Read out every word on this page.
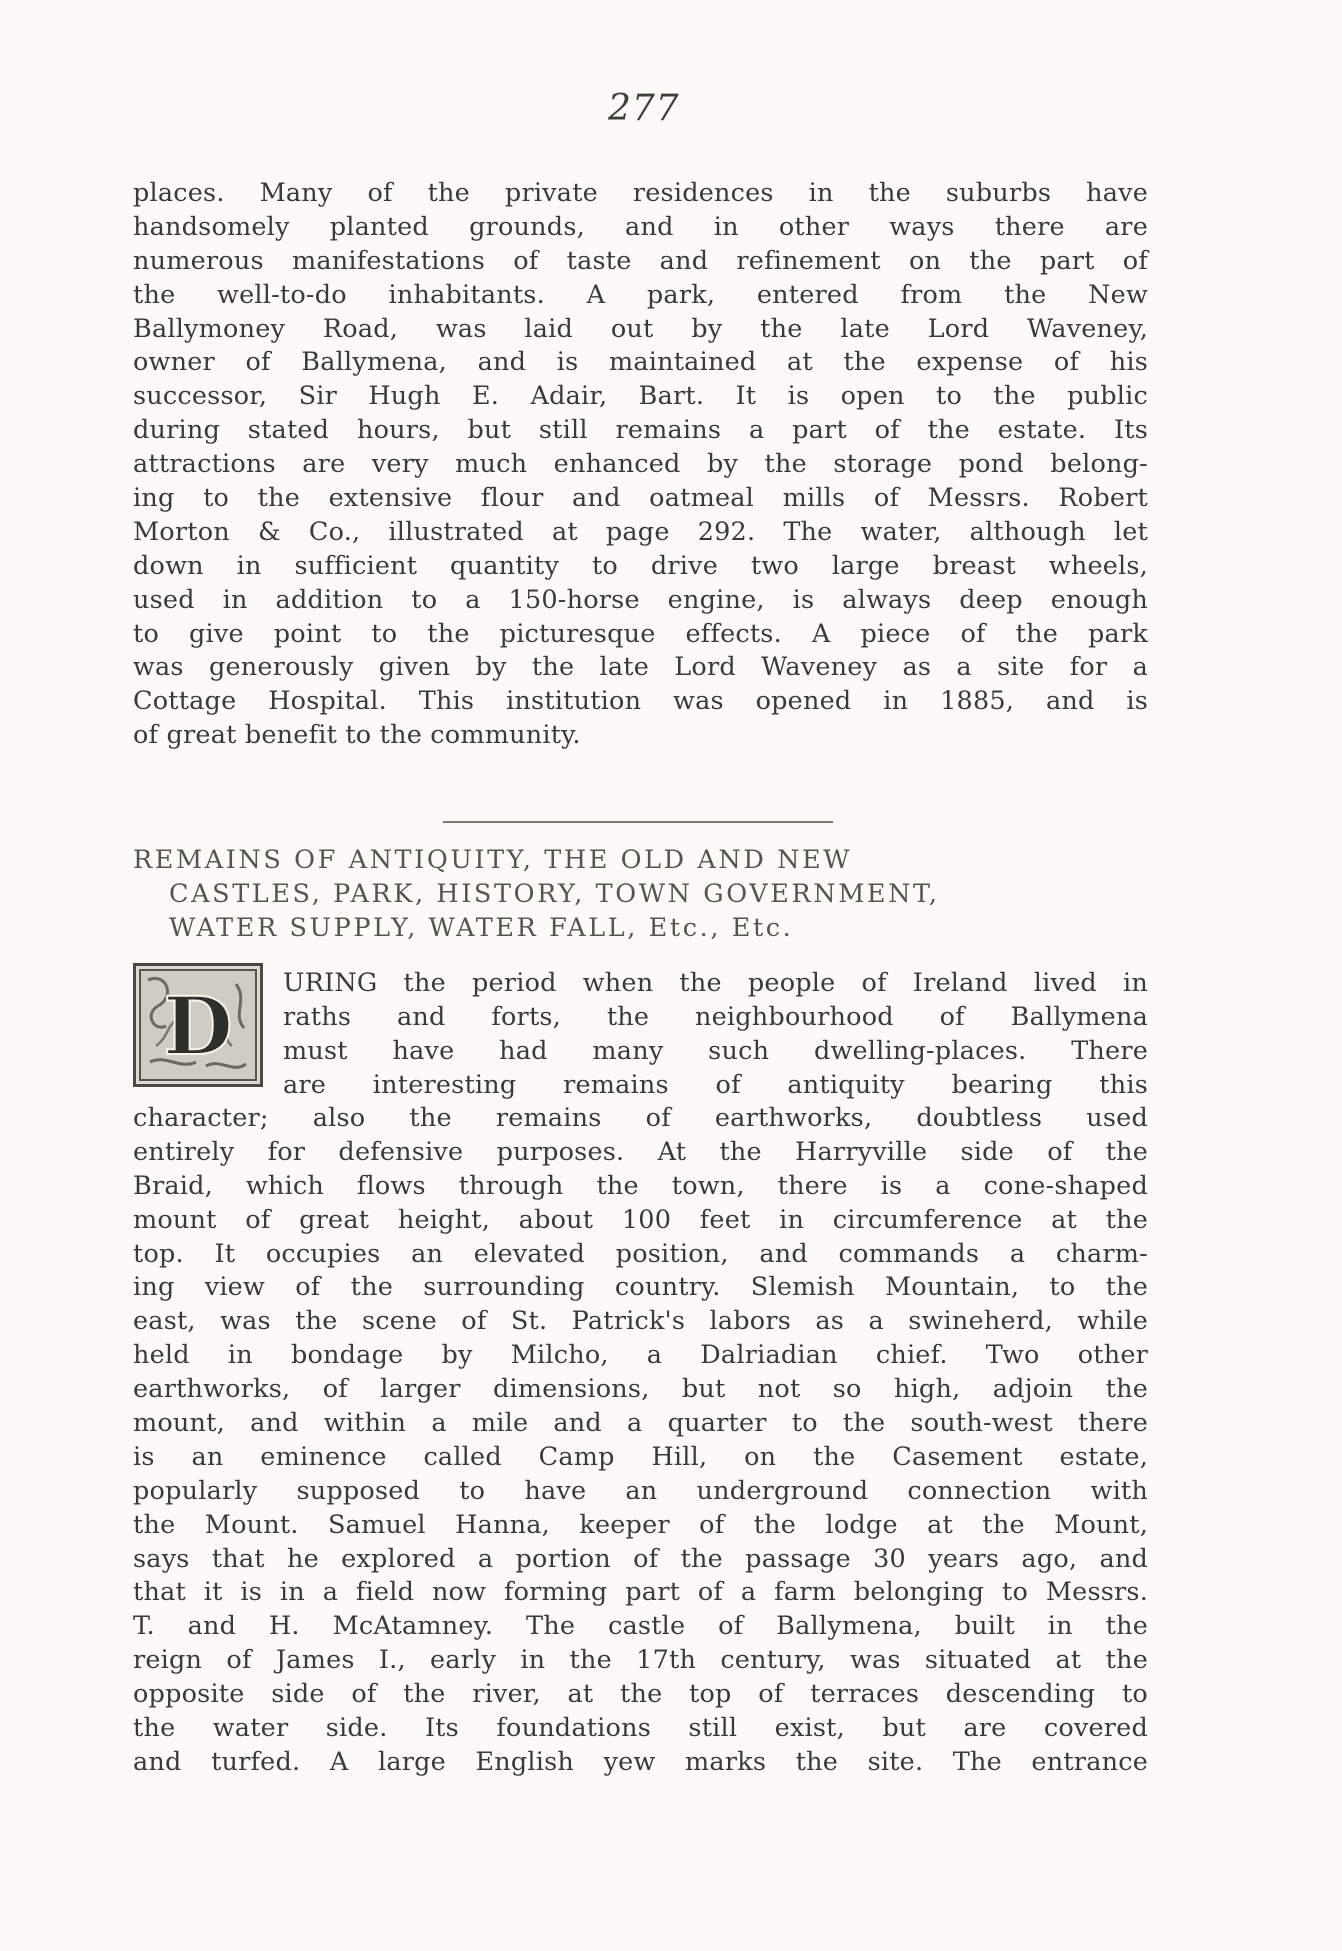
277
places. Many of the private residences in the suburbs have
handsomely planted grounds, and in other ways there are
numerous manifestations of taste and refinement on the part of
the well-to-do inhabitants. A park, entered from the New
Ballymoney Road, was laid out by the late Lord Waveney,
owner of Ballymena, and is maintained at the expense of his
successor, Sir Hugh E. Adair, Bart. It is open to the public
during stated hours, but still remains a part of the estate. Its
attractions are very much enhanced by the storage pond belong-
ing to the extensive flour and oatmeal mills of Messrs. Robert
Morton & Co., illustrated at page 292. The water, although let
down in sufficient quantity to drive two large breast wheels,
used in addition to a 150-horse engine, is always deep enough
to give point to the picturesque effects. A piece of the park
was generously given by the late Lord Waveney as a site for a
Cottage Hospital. This institution was opened in 1885, and is
of great benefit to the community.
REMAINS OF ANTIQUITY, THE OLD AND NEW
CASTLES, PARK, HISTORY, TOWN GOVERNMENT,
WATER SUPPLY, WATER FALL, Etc., Etc.
D URING the period when the people of Ireland lived in
raths and forts, the neighbourhood of Ballymena
must have had many such dwelling-places. There
are interesting remains of antiquity bearing this
character; also the remains of earthworks, doubtless used
entirely for defensive purposes. At the Harryville side of the
Braid, which flows through the town, there is a cone-shaped
mount of great height, about 100 feet in circumference at the
top. It occupies an elevated position, and commands a charm-
ing view of the surrounding country. Slemish Mountain, to the
east, was the scene of St. Patrick's labors as a swineherd, while
held in bondage by Milcho, a Dalriadian chief. Two other
earthworks, of larger dimensions, but not so high, adjoin the
mount, and within a mile and a quarter to the south-west there
is an eminence called Camp Hill, on the Casement estate,
popularly supposed to have an underground connection with
the Mount. Samuel Hanna, keeper of the lodge at the Mount,
says that he explored a portion of the passage 30 years ago, and
that it is in a field now forming part of a farm belonging to Messrs.
T. and H. McAtamney. The castle of Ballymena, built in the
reign of James I., early in the 17th century, was situated at the
opposite side of the river, at the top of terraces descending to
the water side. Its foundations still exist, but are covered
and turfed. A large English yew marks the site. The entrance
